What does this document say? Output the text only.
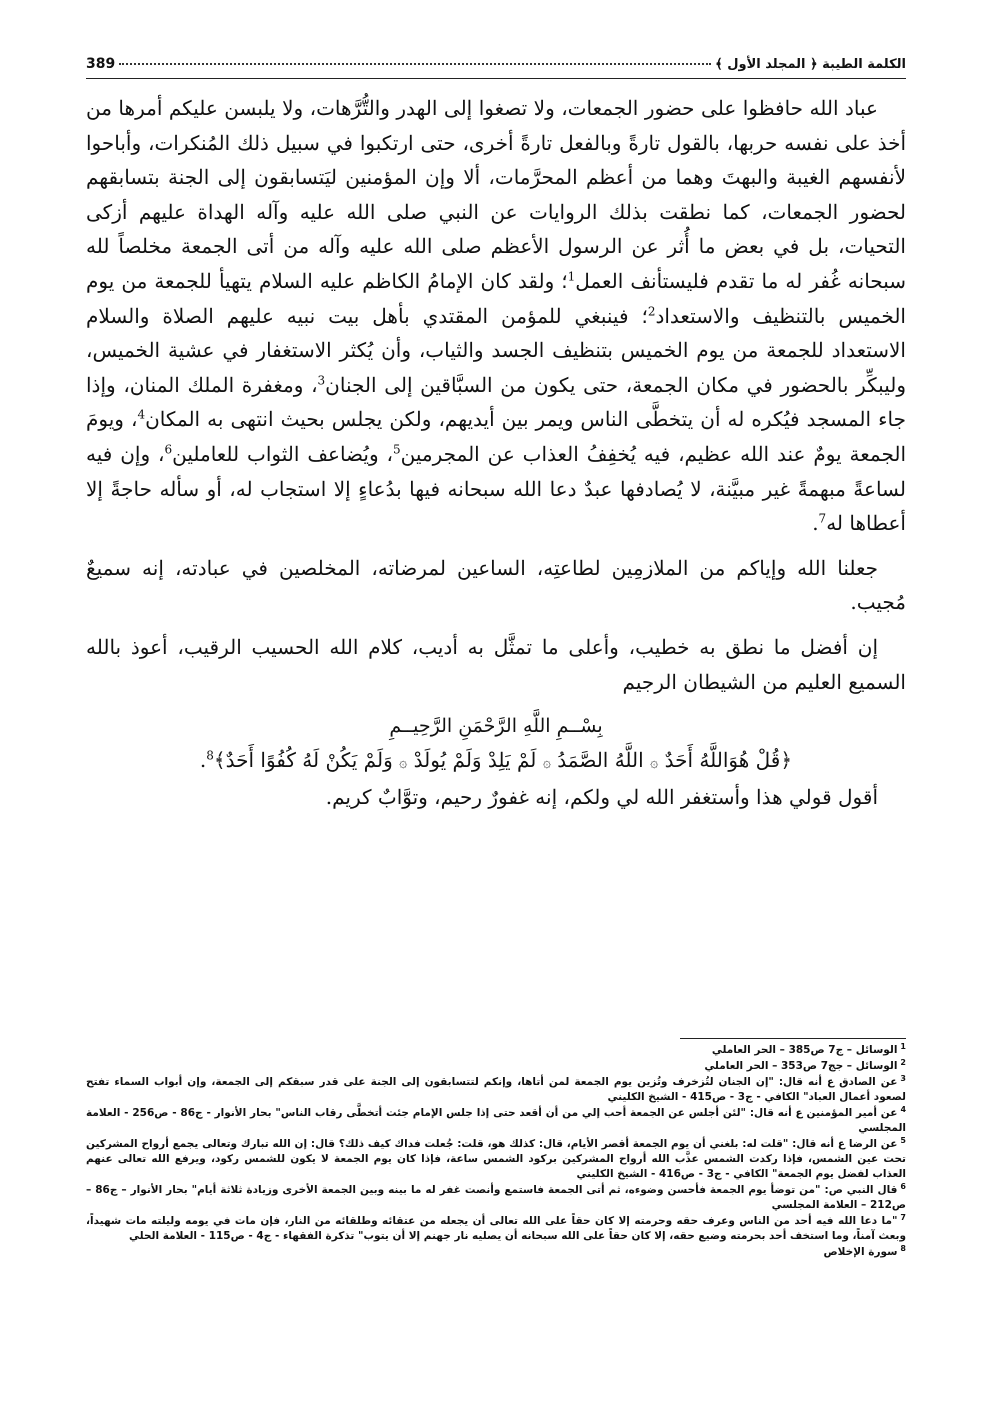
الكلمة الطيبة ﴿ المجلد الأول ﴾
389

عباد الله حافظوا على حضور الجمعات، ولا تصغوا إلى الهدر والتُّرَّهات، ولا يلبسن عليكم أمرها من أخذ على نفسه حربها، بالقول تارةً وبالفعل تارةً أخرى، حتى ارتكبوا في سبيل ذلك المُنكرات، وأباحوا لأنفسهم الغيبة والبهتَ وهما من أعظم المحرَّمات، ألا وإن المؤمنين ليَتسابقون إلى الجنة بتسابقهم لحضور الجمعات، كما نطقت بذلك الروايات عن النبي صلى الله عليه وآله الهداة عليهم أزكى التحيات، بل في بعض ما أُثر عن الرسول الأعظم صلى الله عليه وآله من أتى الجمعة مخلصاً لله سبحانه غُفر له ما تقدم فليستأنف العمل$^1$؛ ولقد كان الإمامُ الكاظم عليه السلام يتهيأ للجمعة من يوم الخميس بالتنظيف والاستعداد$^2$؛ فينبغي للمؤمن المقتدي بأهل بيت نبيه عليهم الصلاة والسلام الاستعداد للجمعة من يوم الخميس بتنظيف الجسد والثياب، وأن يُكثر الاستغفار في عشية الخميس، وليبكِّر بالحضور في مكان الجمعة، حتى يكون من السبَّاقين إلى الجنان$^3$، ومغفرة الملك المنان، وإذا جاء المسجد فيُكره له أن يتخطَّى الناس ويمر بين أيديهم، ولكن يجلس بحيث انتهى به المكان$^4$، ويومَ الجمعة يومٌ عند الله عظيم، فيه يُخفِفُ العذاب عن المجرمين$^5$، ويُضاعف الثواب للعاملين$^6$، وإن فيه لساعةً مبهمةً غير مبيَّنة، لا يُصادفها عبدٌ دعا الله سبحانه فيها بدُعاءٍ إلا استجاب له، أو سأله حاجةً إلا أعطاها له$^7$.

جعلنا الله وإياكم من الملازمِين لطاعتِه، الساعين لمرضاته، المخلصين في عبادته، إنه سميعٌ مُجيب.

إن أفضل ما نطق به خطيب، وأعلى ما تمثَّل به أديب، كلام الله الحسيب الرقيب، أعوذ بالله السميع العليم من الشيطان الرجيم

بِسْــمِ اللَّهِ الرَّحْمَنِ الرَّحِيــمِ
﴿قُلْ هُوَاللَّهُ أَحَدٌ ۞ اللَّهُ الصَّمَدُ ۞ لَمْ يَلِدْ وَلَمْ يُولَدْ ۞ وَلَمْ يَكُنْ لَهُ كُفُوًا أَحَدٌ﴾$^8$.

أقول قولي هذا وأستغفر الله لي ولكم، إنه غفورٌ رحيم، وتوَّابٌ كريم.

$^1$الوسائل – ج7 ص385 – الحر العاملي
$^2$الوسائل – جج7 ص353 – الحر العاملي
$^3$عن الصادق ع أنه قال: "إن الجنان لتُزخرف وتُزين يوم الجمعة لمن أتاها، وإنكم لتتسابقون إلى الجنة على قدر سبقكم إلى الجمعة، وإن أبواب السماء تفتح لصعود أعمال العباد" الكافي - ج3 - ص415 - الشيخ الكليني
$^4$عن أمير المؤمنين ع أنه قال: "لئن أجلس عن الجمعة أحب إلي من أن أقعد حتى إذا جلس الإمام جئت أتخطَّى رقاب الناس" بحار الأنوار - ج86 - ص256 - العلامة المجلسي
$^5$عن الرضا ع أنه قال: "قلت له: بلغني أن يوم الجمعة أقصر الأيام، قال: كذلك هو، قلت: جُعلت فداك كيف ذلك؟ قال: إن الله تبارك وتعالى يجمع أرواح المشركين تحت عين الشمس، فإذا ركدت الشمس عذَّب الله أرواح المشركين بركود الشمس ساعة، فإذا كان يوم الجمعة لا يكون للشمس ركود، ويرفع الله تعالى عنهم العذاب لفضل يوم الجمعة" الكافي - ج3 - ص416 - الشيخ الكليني
$^6$قال النبي ص: "من توضأ يوم الجمعة فأحسن وضوءه، ثم أتى الجمعة فاستمع وأنصت غفر له ما بينه وبين الجمعة الأخرى وزيادة ثلاثة أيام" بحار الأنوار – ج86 – ص212 – العلامة المجلسي
$^7$"ما دعا الله فيه أحد من الناس وعرف حقه وحرمته إلا كان حقاً على الله تعالى أن يجعله من عتقائه وطلقائه من النار، فإن مات في يومه وليلته مات شهيداً، وبعث آمناً، وما استخف أحد بحرمته وضيع حقه، إلا كان حقاً على الله سبحانه أن يصليه نار جهنم إلا أن يتوب" تذكرة الفقهاء - ج4 - ص115 - العلامة الحلي
$^8$سورة الإخلاص
